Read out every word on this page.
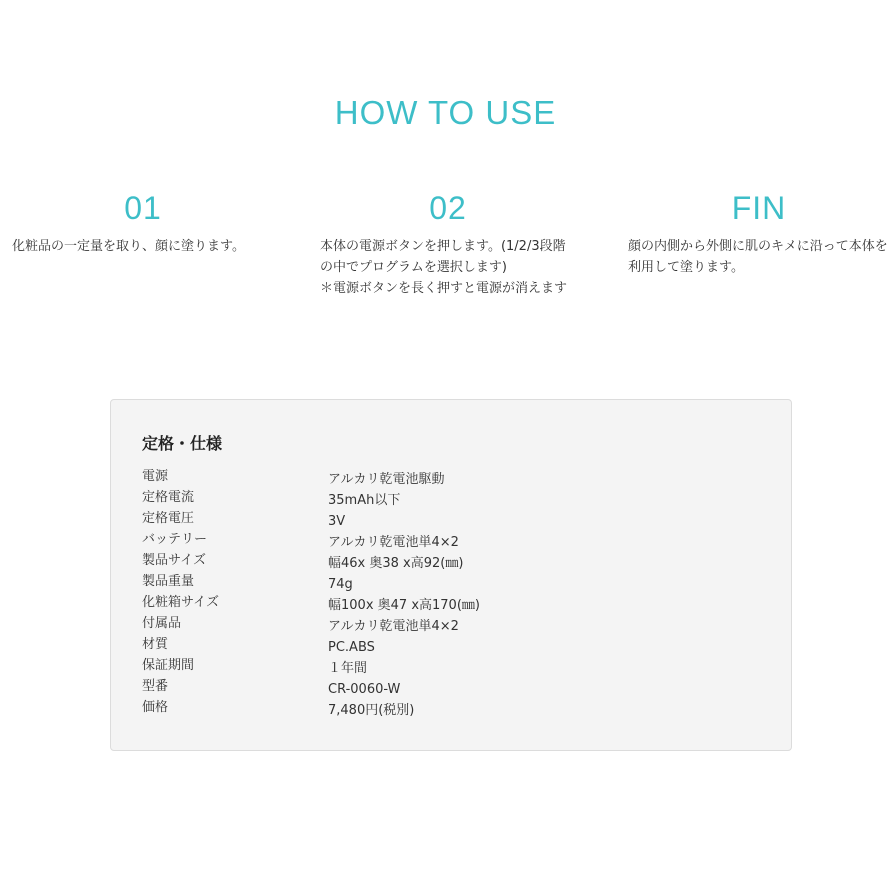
HOW TO USE
01

化粧品の一定量を取り、顔に塗ります。

02

本体の電源ボタンを押します。(1/2/3段階の中でプログラムを選択します)
＊電源ボタンを長く押すと電源が消えます

FIN

顔の内側から外側に肌のキメに沿って本体を利用して塗ります。

定格・仕様
電源
定格電流
定格電圧
バッテリー
製品サイズ
製品重量
化粧箱サイズ
付属品
材質
保証期間
型番
価格
アルカリ乾電池駆動
35mAh以下
3V
アルカリ乾電池単4×2
幅46x 奥38 x高92(㎜)
74g
幅100x 奥47 x高170(㎜)
アルカリ乾電池単4×2
PC.ABS
１年間
CR-0060-W
7,480円(税別)
